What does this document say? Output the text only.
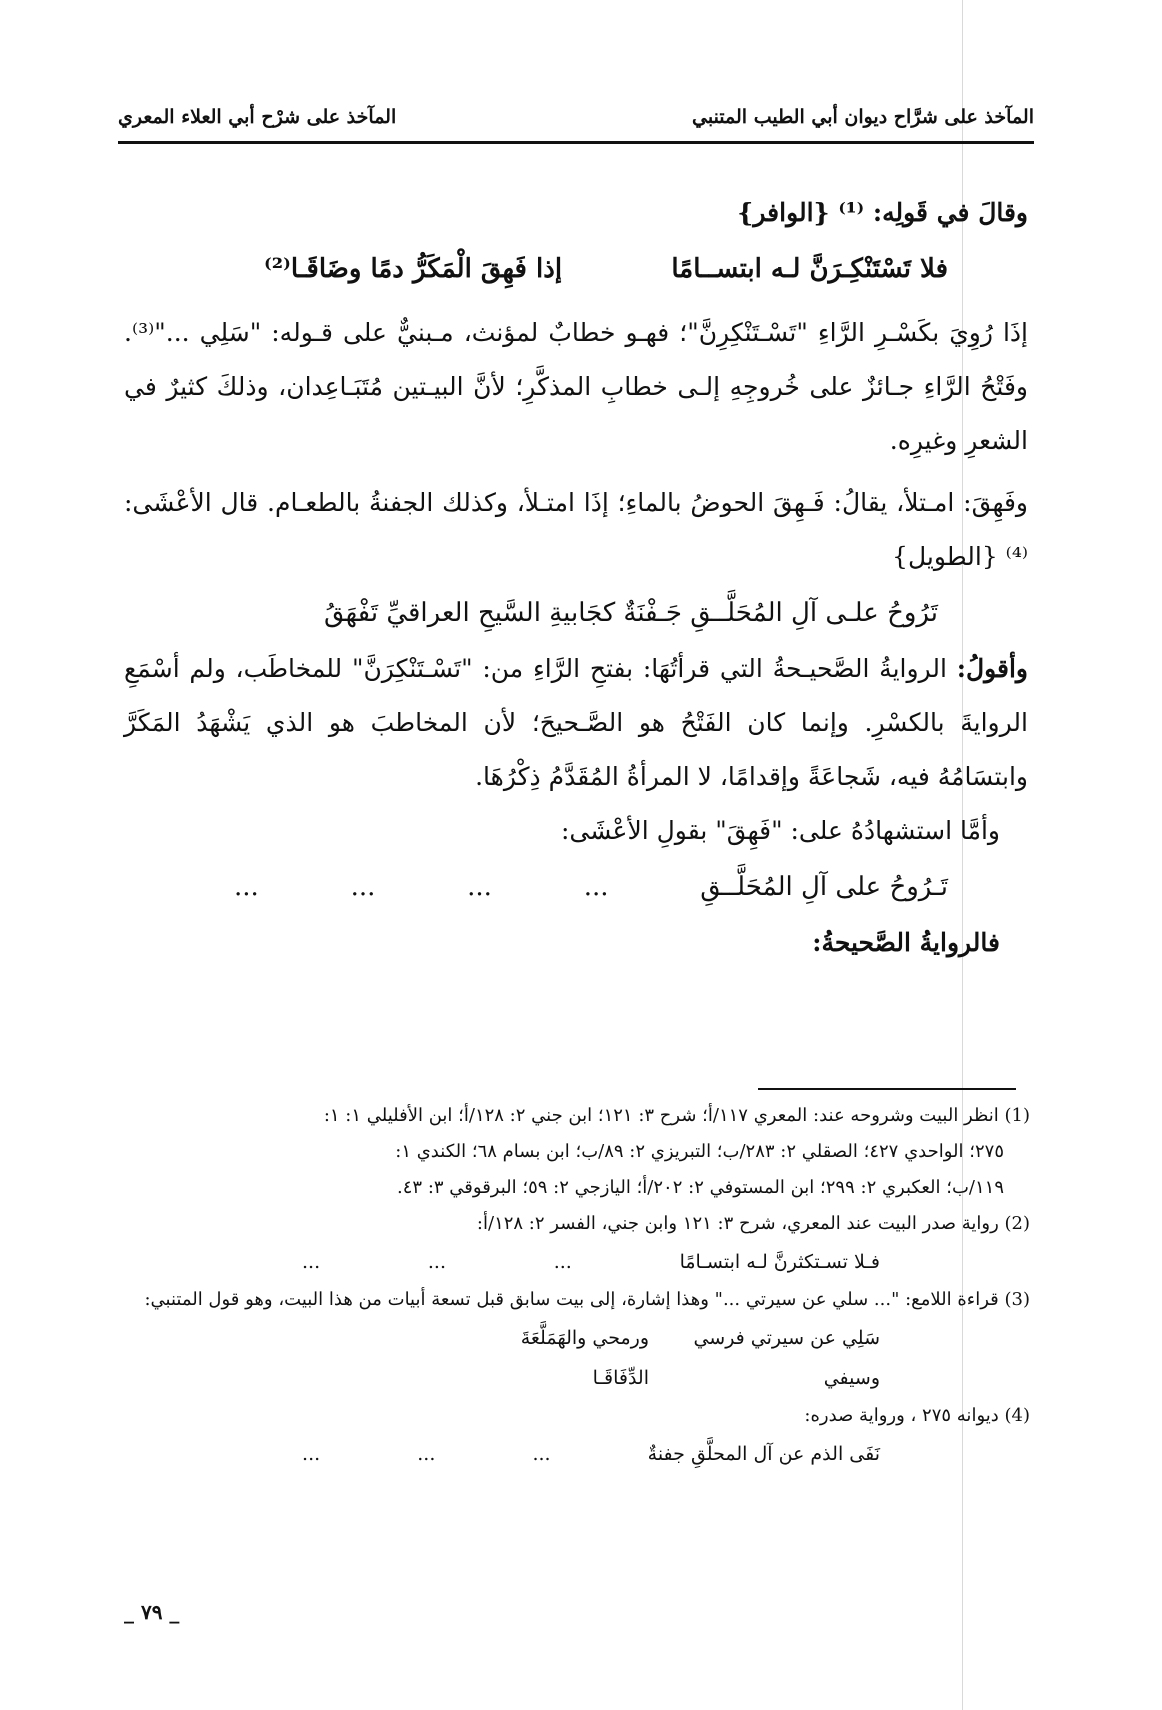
المآخذ على شرَّاح ديوان أبي الطيب المتنبي
المآخذ على شرْح أبي العلاء المعري

وقالَ في قَولِه: ⁽¹⁾ {الوافر}

فلا تَسْتَنْكِـرَنَّ لـه ابتســامًا
إذا فَهِقَ الْمَكَرُّ دمًا وضَاقَـا⁽²⁾

إذَا رُوِيَ بكَسْـرِ الرَّاءِ "تَسْـتَنْكِرِنَّ"؛ فهـو خطابٌ لمؤنث، مـبنيٌّ على قـوله: "سَلِي ..."⁽³⁾. وفَتْحُ الرَّاءِ جـائزٌ على خُروجِهِ إلـى خطابِ المذكَّرِ؛ لأنَّ البيـتين مُتَبَـاعِدان، وذلكَ كثيرٌ في الشعرِ وغيرِه.

وفَهِقَ: امـتلأ، يقالُ: فَـهِقَ الحوضُ بالماءِ؛ إذَا امتـلأ، وكذلك الجفنةُ بالطعـام. قال الأعْشَى: ⁽⁴⁾ {الطويل}

تَرُوحُ علـى آلِ المُحَلَّــقِ جَـفْنَةٌ
كجَابيةِ السَّيحِ العراقيِّ تَفْهَقُ

وأقولُ: الروايةُ الصَّحيـحةُ التي قرأتُهَا: بفتحِ الرَّاءِ من: "تَسْـتَنْكِرَنَّ" للمخاطَب، ولم أسْمَعِ الروايةَ بالكسْرِ. وإنما كان الفَتْحُ هو الصَّـحيحَ؛ لأن المخاطبَ هو الذي يَشْهَدُ المَكَرَّ وابتسَامُهُ فيه، شَجاعَةً وإقدامًا، لا المرأةُ المُقَدَّمُ ذِكْرُهَا.

وأمَّا استشهادُهُ على: "فَهِقَ" بقولِ الأعْشَى:

تَـرُوحُ على آلِ المُحَلَّــقِ
...
...
...
...

فالروايةُ الصَّحيحةُ:

(1) انظر البيت وشروحه عند: المعري ١١٧/أ؛ شرح ٣: ١٢١؛ ابن جني ٢: ١٢٨/أ؛ ابن الأفليلي ١: ١:

٢٧٥؛ الواحدي ٤٢٧؛ الصقلي ٢: ٢٨٣/ب؛ التبريزي ٢: ٨٩/ب؛ ابن بسام ٦٨؛ الكندي ١:

١١٩/ب؛ العكبري ٢: ٢٩٩؛ ابن المستوفي ٢: ٢٠٢/أ؛ اليازجي ٢: ٥٩؛ البرقوقي ٣: ٤٣.

(2) رواية صدر البيت عند المعري، شرح ٣: ١٢١ وابن جني، الفسر ٢: ١٢٨/أ:

فـلا تسـتكثرنَّ لـه ابتسـامًا
...
...
...

(3) قراءة اللامع: "... سلي عن سيرتي ..." وهذا إشارة، إلى بيت سابق قبل تسعة أبيات من هذا البيت، وهو قول المتنبي:

سَلِي عن سيرتي فرسي وسيفي
ورمحي والهَمَلَّعَةَ الدِّفَاقَـا

(4) ديوانه ٢٧٥ ، ورواية صدره:

نَفَى الذم عن آل المحلَّقِ جفنةٌ
...
...
...
_ ٧٩ _
